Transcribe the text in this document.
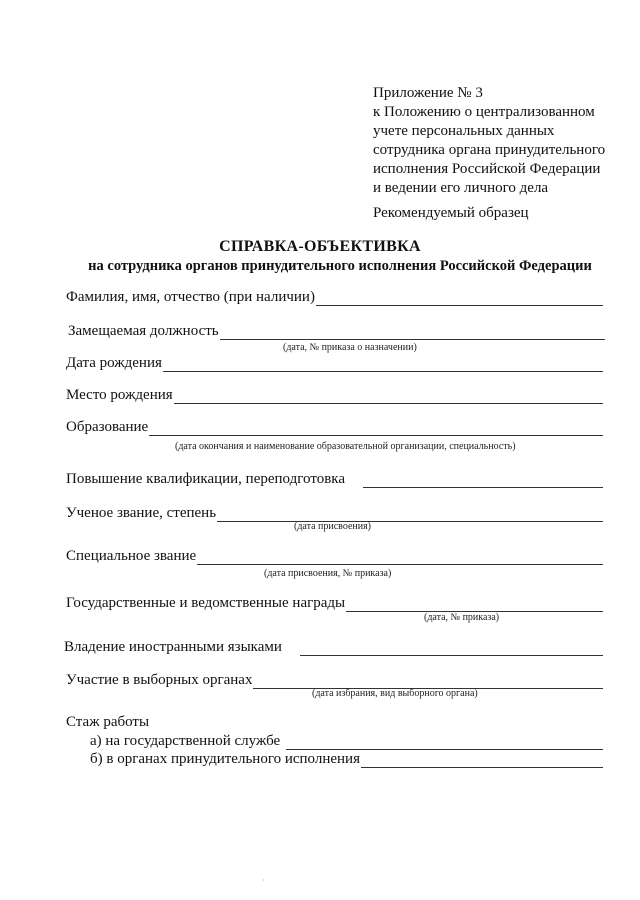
Приложение № 3
к Положению о централизованном
учете персональных данных
сотрудника органа принудительного
исполнения Российской Федерации
и ведении его личного дела
Рекомендуемый образец
СПРАВКА-ОБЪЕКТИВКА
на сотрудника органов принудительного исполнения Российской Федерации
Фамилия, имя, отчество (при наличии)
Замещаемая должность
(дата, № приказа о назначении)
Дата рождения
Место рождения
Образование
(дата окончания и наименование образовательной организации, специальность)
Повышение квалификации, переподготовка
Ученое звание, степень
(дата присвоения)
Специальное звание
(дата присвоения, № приказа)
Государственные и ведомственные награды
(дата, № приказа)
Владение иностранными языками
Участие в выборных органах
(дата избрания, вид выборного органа)
Стаж работы
а) на государственной службе
б) в органах принудительного исполнения
·
